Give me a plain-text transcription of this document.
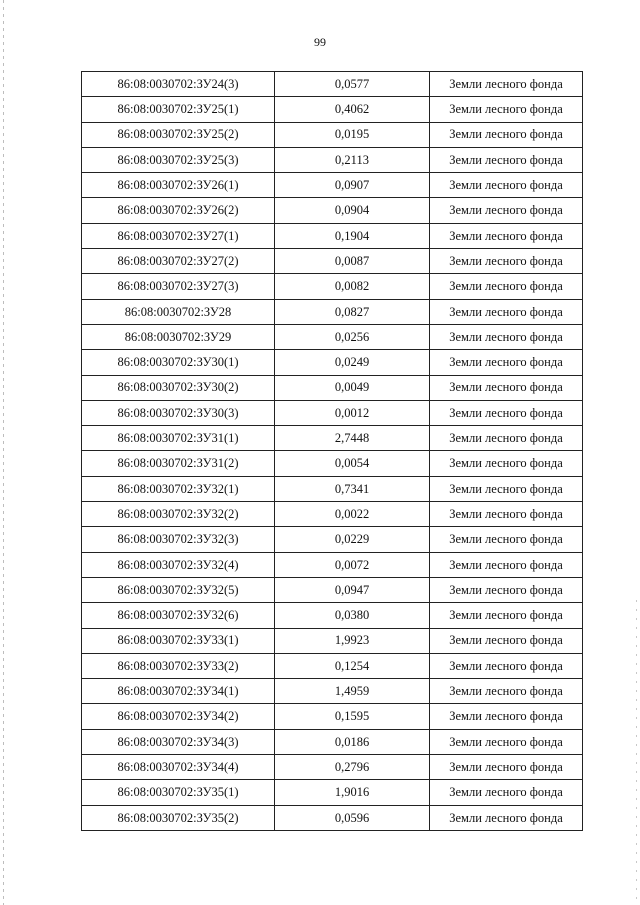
99
86:08:0030702:ЗУ24(3)	0,0577	Земли лесного фонда
86:08:0030702:ЗУ25(1)	0,4062	Земли лесного фонда
86:08:0030702:ЗУ25(2)	0,0195	Земли лесного фонда
86:08:0030702:ЗУ25(3)	0,2113	Земли лесного фонда
86:08:0030702:ЗУ26(1)	0,0907	Земли лесного фонда
86:08:0030702:ЗУ26(2)	0,0904	Земли лесного фонда
86:08:0030702:ЗУ27(1)	0,1904	Земли лесного фонда
86:08:0030702:ЗУ27(2)	0,0087	Земли лесного фонда
86:08:0030702:ЗУ27(3)	0,0082	Земли лесного фонда
86:08:0030702:ЗУ28	0,0827	Земли лесного фонда
86:08:0030702:ЗУ29	0,0256	Земли лесного фонда
86:08:0030702:ЗУ30(1)	0,0249	Земли лесного фонда
86:08:0030702:ЗУ30(2)	0,0049	Земли лесного фонда
86:08:0030702:ЗУ30(3)	0,0012	Земли лесного фонда
86:08:0030702:ЗУ31(1)	2,7448	Земли лесного фонда
86:08:0030702:ЗУ31(2)	0,0054	Земли лесного фонда
86:08:0030702:ЗУ32(1)	0,7341	Земли лесного фонда
86:08:0030702:ЗУ32(2)	0,0022	Земли лесного фонда
86:08:0030702:ЗУ32(3)	0,0229	Земли лесного фонда
86:08:0030702:ЗУ32(4)	0,0072	Земли лесного фонда
86:08:0030702:ЗУ32(5)	0,0947	Земли лесного фонда
86:08:0030702:ЗУ32(6)	0,0380	Земли лесного фонда
86:08:0030702:ЗУ33(1)	1,9923	Земли лесного фонда
86:08:0030702:ЗУ33(2)	0,1254	Земли лесного фонда
86:08:0030702:ЗУ34(1)	1,4959	Земли лесного фонда
86:08:0030702:ЗУ34(2)	0,1595	Земли лесного фонда
86:08:0030702:ЗУ34(3)	0,0186	Земли лесного фонда
86:08:0030702:ЗУ34(4)	0,2796	Земли лесного фонда
86:08:0030702:ЗУ35(1)	1,9016	Земли лесного фонда
86:08:0030702:ЗУ35(2)	0,0596	Земли лесного фонда
